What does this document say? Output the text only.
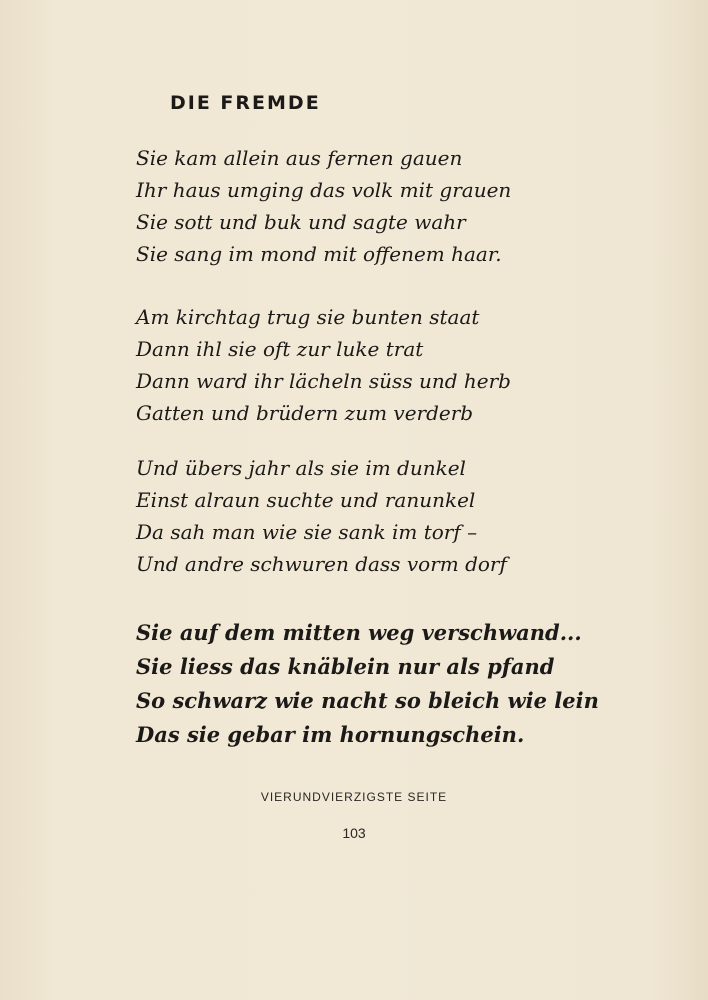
DIE FREMDE
Sie kam allein aus fernen gauen
Ihr haus umging das volk mit grauen
Sie sott und buk und sagte wahr
Sie sang im mond mit offenem haar.
Am kirchtag trug sie bunten staat
Dann ihl sie oft zur luke trat
Dann ward ihr lächeln süss und herb
Gatten und brüdern zum verderb
Und übers jahr als sie im dunkel
Einst alraun suchte und ranunkel
Da sah man wie sie sank im torf –
Und andre schwuren dass vorm dorf
Sie auf dem mitten weg verschwand...
Sie liess das knäblein nur als pfand
So schwarz wie nacht so bleich wie lein
Das sie gebar im hornungschein.
VIERUNDVIERZIGSTE SEITE
103
